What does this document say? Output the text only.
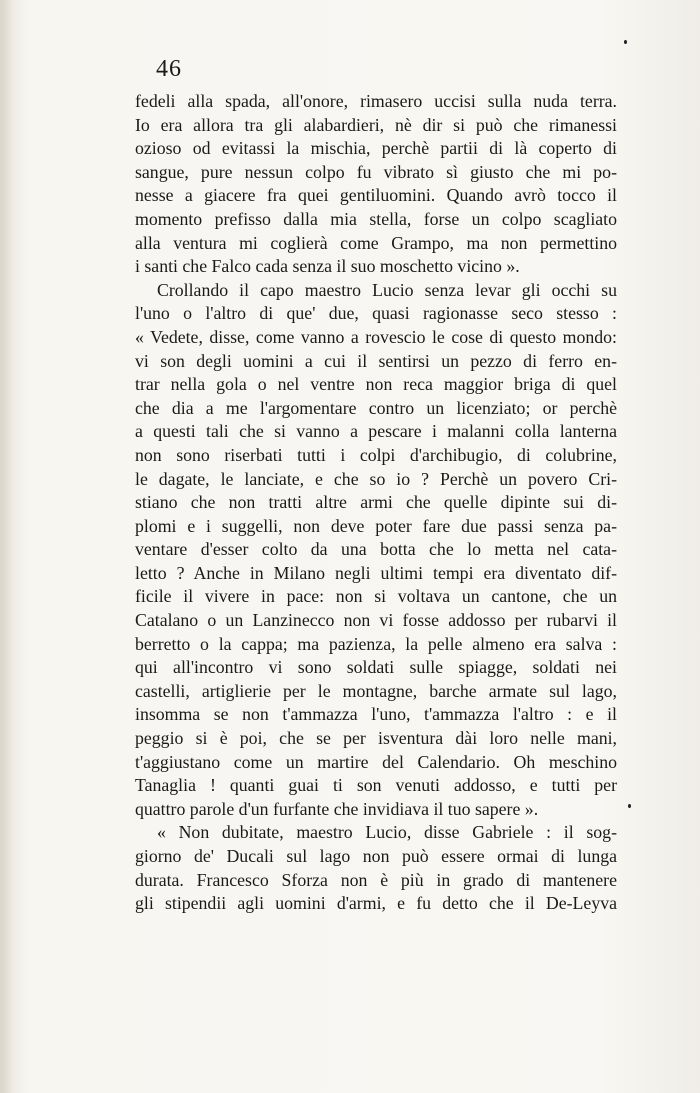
46
fedeli alla spada, all'onore, rimasero uccisi sulla nuda terra.
Io era allora tra gli alabardieri, nè dir si può che rimanessi
ozioso od evitassi la mischia, perchè partii di là coperto di
sangue, pure nessun colpo fu vibrato sì giusto che mi po-
nesse a giacere fra quei gentiluomini. Quando avrò tocco il
momento prefisso dalla mia stella, forse un colpo scagliato
alla ventura mi coglierà come Grampo, ma non permettino
i santi che Falco cada senza il suo moschetto vicino ».
Crollando il capo maestro Lucio senza levar gli occhi su
l'uno o l'altro di que' due, quasi ragionasse seco stesso :
« Vedete, disse, come vanno a rovescio le cose di questo mondo:
vi son degli uomini a cui il sentirsi un pezzo di ferro en-
trar nella gola o nel ventre non reca maggior briga di quel
che dia a me l'argomentare contro un licenziato; or perchè
a questi tali che si vanno a pescare i malanni colla lanterna
non sono riserbati tutti i colpi d'archibugio, di colubrine,
le dagate, le lanciate, e che so io ? Perchè un povero Cri-
stiano che non tratti altre armi che quelle dipinte sui di-
plomi e i suggelli, non deve poter fare due passi senza pa-
ventare d'esser colto da una botta che lo metta nel cata-
letto ? Anche in Milano negli ultimi tempi era diventato dif-
ficile il vivere in pace: non si voltava un cantone, che un
Catalano o un Lanzinecco non vi fosse addosso per rubarvi il
berretto o la cappa; ma pazienza, la pelle almeno era salva :
qui all'incontro vi sono soldati sulle spiagge, soldati nei
castelli, artiglierie per le montagne, barche armate sul lago,
insomma se non t'ammazza l'uno, t'ammazza l'altro : e il
peggio si è poi, che se per isventura dài loro nelle mani,
t'aggiustano come un martire del Calendario. Oh meschino
Tanaglia ! quanti guai ti son venuti addosso, e tutti per
quattro parole d'un furfante che invidiava il tuo sapere ».
« Non dubitate, maestro Lucio, disse Gabriele : il sog-
giorno de' Ducali sul lago non può essere ormai di lunga
durata. Francesco Sforza non è più in grado di mantenere
gli stipendii agli uomini d'armi, e fu detto che il De-Leyva
